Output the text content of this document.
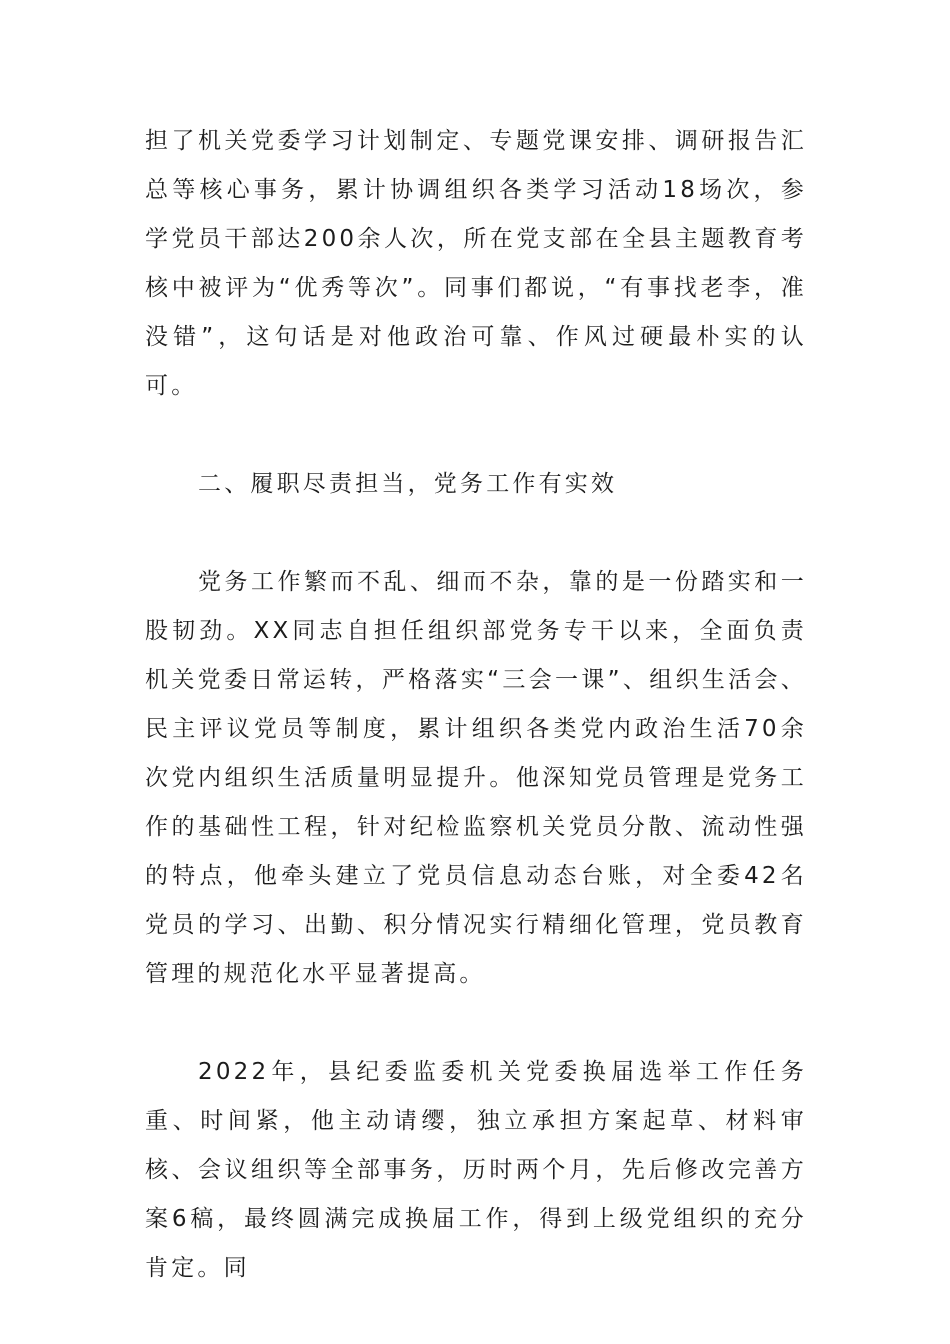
担了机关党委学习计划制定、专题党课安排、调研报告汇总等核心事务，累计协调组织各类学习活动18场次，参学党员干部达200余人次，所在党支部在全县主题教育考核中被评为“优秀等次”。同事们都说，“有事找老李，准没错”，这句话是对他政治可靠、作风过硬最朴实的认可。

二、履职尽责担当，党务工作有实效

党务工作繁而不乱、细而不杂，靠的是一份踏实和一股韧劲。XX同志自担任组织部党务专干以来，全面负责机关党委日常运转，严格落实“三会一课”、组织生活会、民主评议党员等制度，累计组织各类党内政治生活70余次党内组织生活质量明显提升。他深知党员管理是党务工作的基础性工程，针对纪检监察机关党员分散、流动性强的特点，他牵头建立了党员信息动态台账，对全委42名党员的学习、出勤、积分情况实行精细化管理，党员教育管理的规范化水平显著提高。

2022年，县纪委监委机关党委换届选举工作任务重、时间紧，他主动请缨，独立承担方案起草、材料审核、会议组织等全部事务，历时两个月，先后修改完善方案6稿，最终圆满完成换届工作，得到上级党组织的充分肯定。同
